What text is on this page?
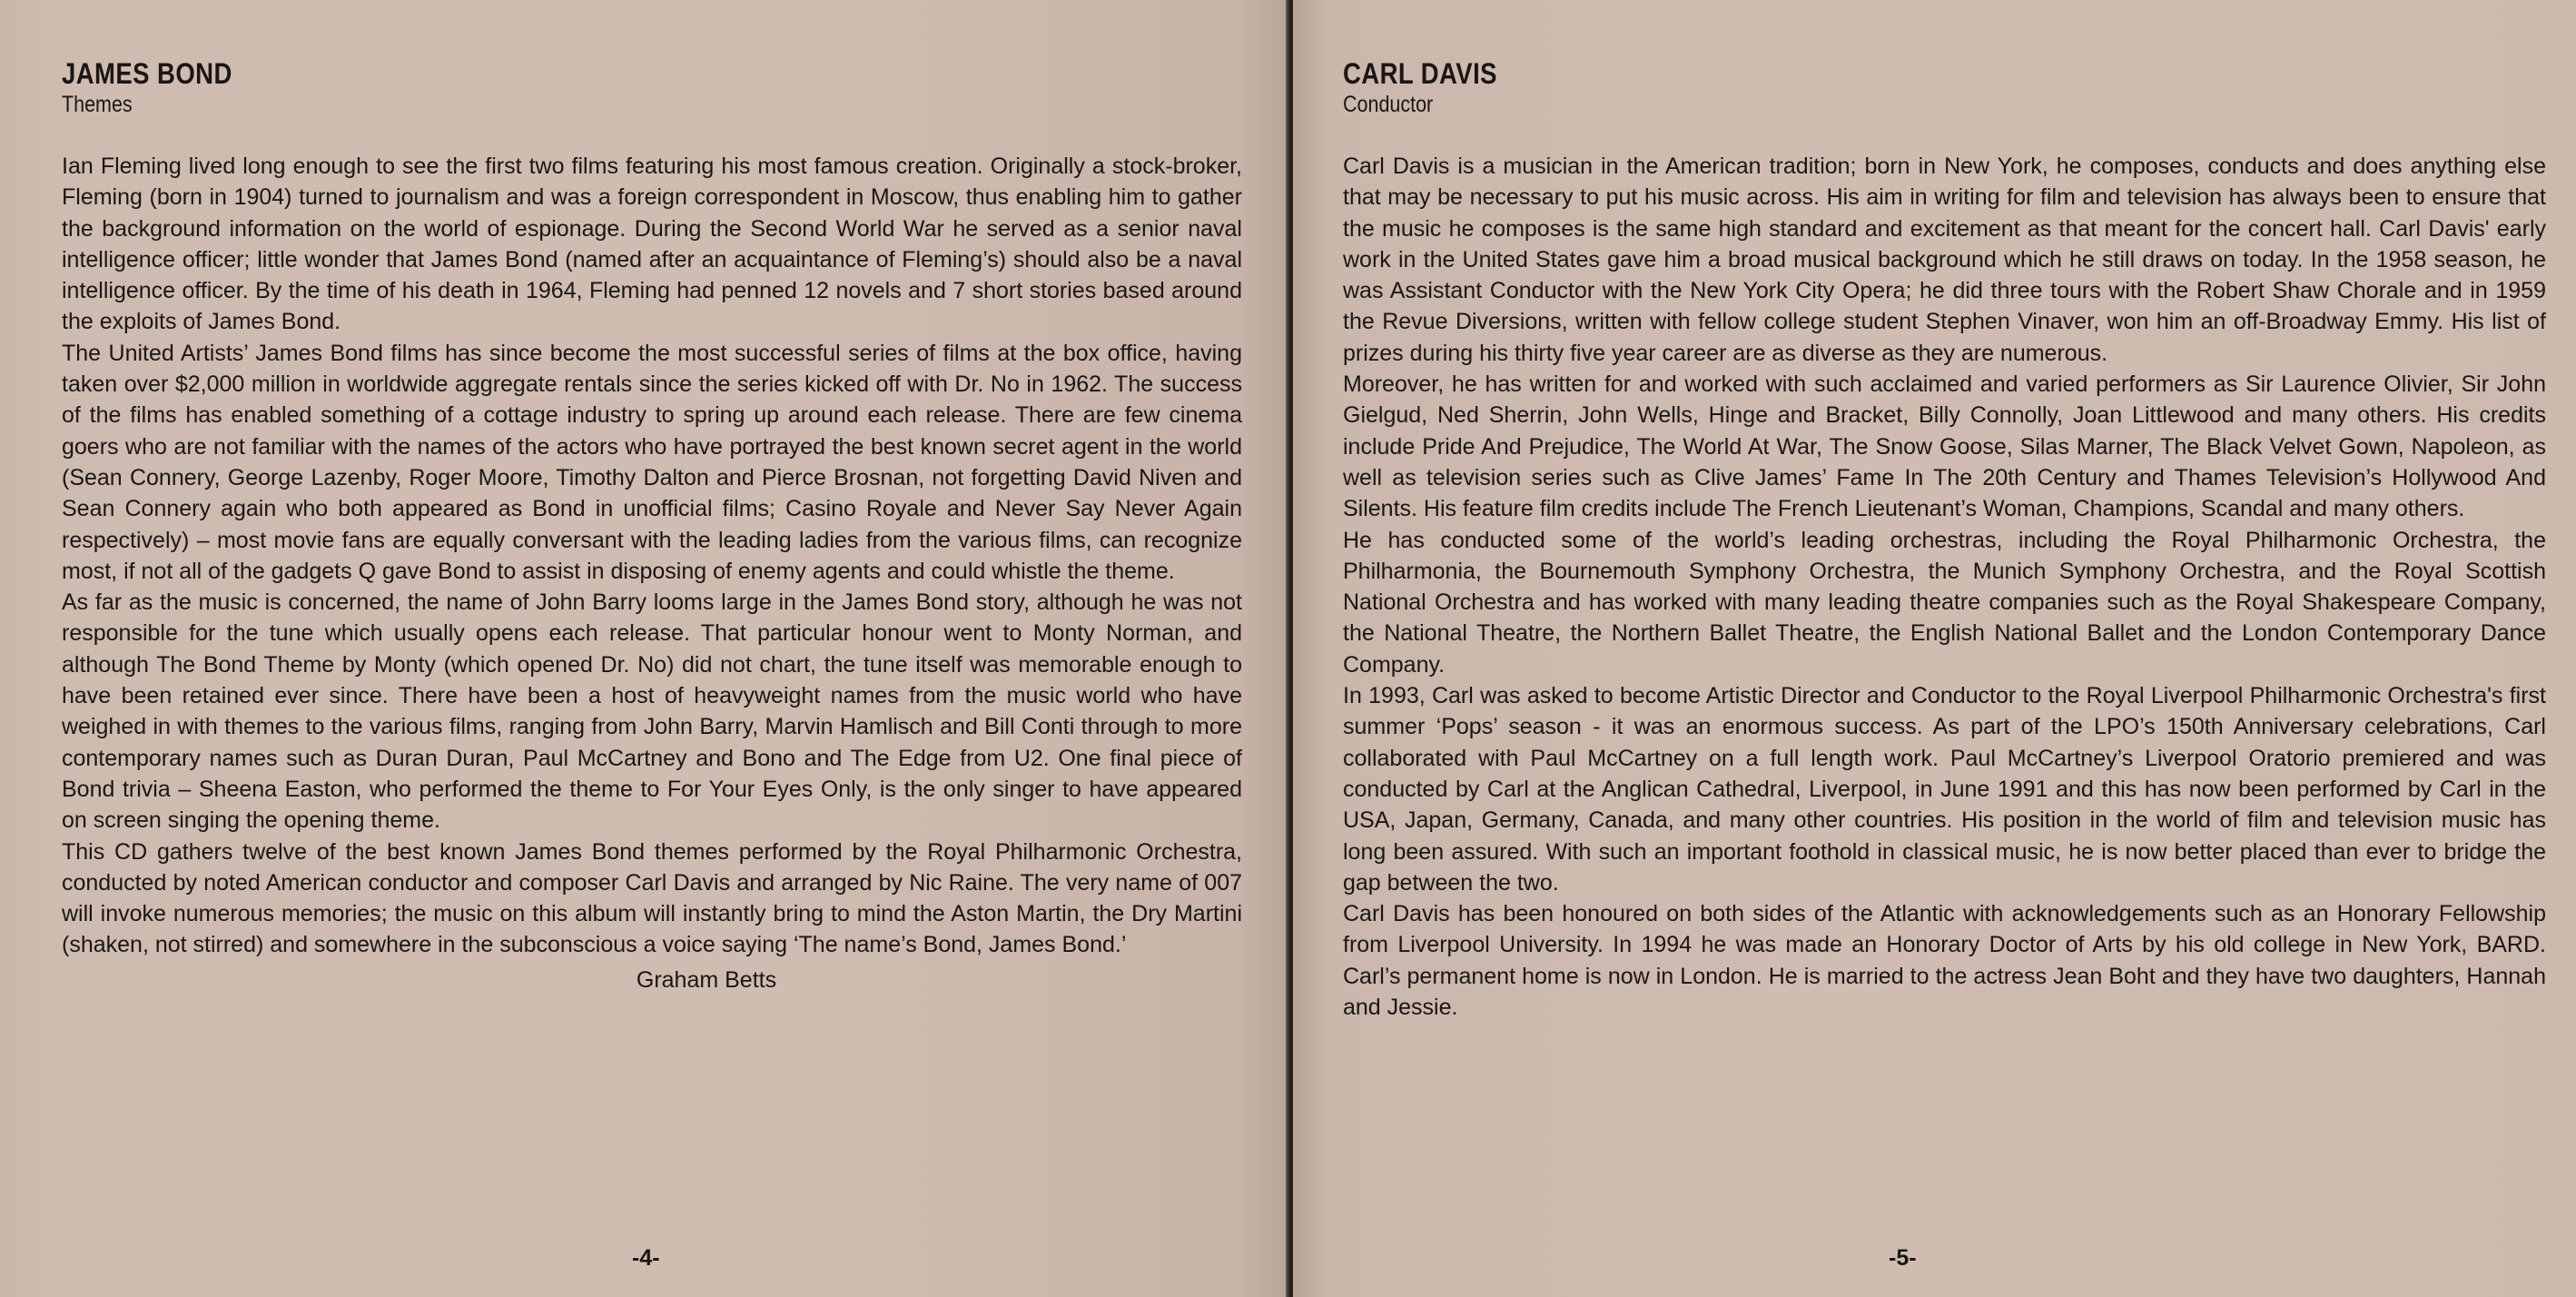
JAMES BOND
Themes

Ian Fleming lived long enough to see the first two films featuring his most famous creation. Originally a stock-broker, Fleming (born in 1904) turned to journalism and was a foreign correspondent in Moscow, thus enabling him to gather the background information on the world of espionage. During the Second World War he served as a senior naval intelligence officer; little wonder that James Bond (named after an acquaintance of Fleming’s) should also be a naval intelligence officer. By the time of his death in 1964, Fleming had penned 12 novels and 7 short stories based around the exploits of James Bond.

The United Artists’ James Bond films has since become the most successful series of films at the box office, having taken over $2,000 million in worldwide aggregate rentals since the series kicked off with Dr. No in 1962. The success of the films has enabled something of a cottage industry to spring up around each release. There are few cinema goers who are not familiar with the names of the actors who have portrayed the best known secret agent in the world (Sean Connery, George Lazenby, Roger Moore, Timothy Dalton and Pierce Brosnan, not forgetting David Niven and Sean Connery again who both appeared as Bond in unofficial films; Casino Royale and Never Say Never Again respectively) – most movie fans are equally conversant with the leading ladies from the various films, can recognize most, if not all of the gadgets Q gave Bond to assist in disposing of enemy agents and could whistle the theme.

As far as the music is concerned, the name of John Barry looms large in the James Bond story, although he was not responsible for the tune which usually opens each release. That particular honour went to Monty Norman, and although The Bond Theme by Monty (which opened Dr. No) did not chart, the tune itself was memorable enough to have been retained ever since. There have been a host of heavyweight names from the music world who have weighed in with themes to the various films, ranging from John Barry, Marvin Hamlisch and Bill Conti through to more contemporary names such as Duran Duran, Paul McCartney and Bono and The Edge from U2. One final piece of Bond trivia – Sheena Easton, who performed the theme to For Your Eyes Only, is the only singer to have appeared on screen singing the opening theme.

This CD gathers twelve of the best known James Bond themes performed by the Royal Philharmonic Orchestra, conducted by noted American conductor and composer Carl Davis and arranged by Nic Raine. The very name of 007 will invoke numerous memories; the music on this album will instantly bring to mind the Aston Martin, the Dry Martini (shaken, not stirred) and somewhere in the subconscious a voice saying ‘The name’s Bond, James Bond.’

Graham Betts
-4-
CARL DAVIS
Conductor

Carl Davis is a musician in the American tradition; born in New York, he composes, conducts and does anything else that may be necessary to put his music across. His aim in writing for film and television has always been to ensure that the music he composes is the same high standard and excitement as that meant for the concert hall. Carl Davis' early work in the United States gave him a broad musical background which he still draws on today. In the 1958 season, he was Assistant Conductor with the New York City Opera; he did three tours with the Robert Shaw Chorale and in 1959 the Revue Diversions, written with fellow college student Stephen Vinaver, won him an off-Broadway Emmy. His list of prizes during his thirty five year career are as diverse as they are numerous.

Moreover, he has written for and worked with such acclaimed and varied performers as Sir Laurence Olivier, Sir John Gielgud, Ned Sherrin, John Wells, Hinge and Bracket, Billy Connolly, Joan Littlewood and many others. His credits include Pride And Prejudice, The World At War, The Snow Goose, Silas Marner, The Black Velvet Gown, Napoleon, as well as television series such as Clive James’ Fame In The 20th Century and Thames Television’s Hollywood And Silents. His feature film credits include The French Lieutenant’s Woman, Champions, Scandal and many others.

He has conducted some of the world’s leading orchestras, including the Royal Philharmonic Orchestra, the Philharmonia, the Bournemouth Symphony Orchestra, the Munich Symphony Orchestra, and the Royal Scottish National Orchestra and has worked with many leading theatre companies such as the Royal Shakespeare Company, the National Theatre, the Northern Ballet Theatre, the English National Ballet and the London Contemporary Dance Company.

In 1993, Carl was asked to become Artistic Director and Conductor to the Royal Liverpool Philharmonic Orchestra's first summer ‘Pops’ season - it was an enormous success. As part of the LPO’s 150th Anniversary celebrations, Carl collaborated with Paul McCartney on a full length work. Paul McCartney’s Liverpool Oratorio premiered and was conducted by Carl at the Anglican Cathedral, Liverpool, in June 1991 and this has now been performed by Carl in the USA, Japan, Germany, Canada, and many other countries. His position in the world of film and television music has long been assured. With such an important foothold in classical music, he is now better placed than ever to bridge the gap between the two.

Carl Davis has been honoured on both sides of the Atlantic with acknowledgements such as an Honorary Fellowship from Liverpool University. In 1994 he was made an Honorary Doctor of Arts by his old college in New York, BARD. Carl’s permanent home is now in London. He is married to the actress Jean Boht and they have two daughters, Hannah and Jessie.

-5-
